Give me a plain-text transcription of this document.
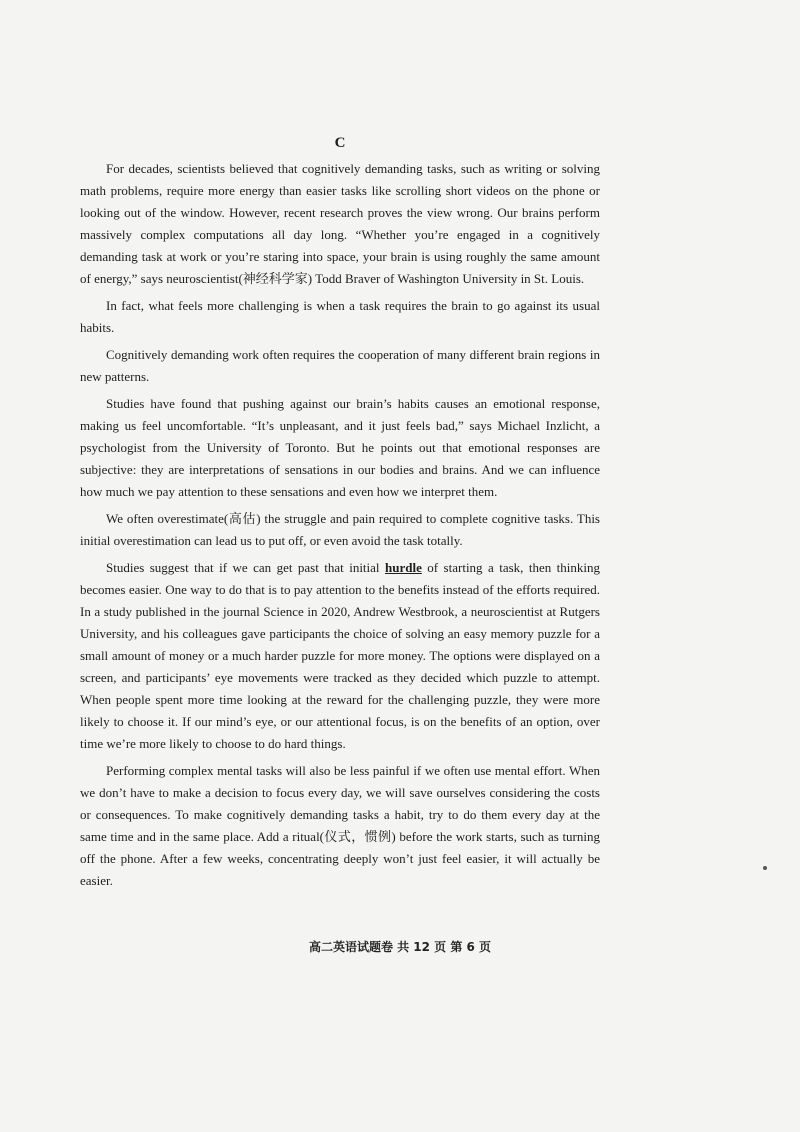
C

For decades, scientists believed that cognitively demanding tasks, such as writing or solving math problems, require more energy than easier tasks like scrolling short videos on the phone or looking out of the window. However, recent research proves the view wrong. Our brains perform massively complex computations all day long. “Whether you’re engaged in a cognitively demanding task at work or you’re staring into space, your brain is using roughly the same amount of energy,” says neuroscientist(神经科学家) Todd Braver of Washington University in St. Louis.

In fact, what feels more challenging is when a task requires the brain to go against its usual habits.

Cognitively demanding work often requires the cooperation of many different brain regions in new patterns.

Studies have found that pushing against our brain’s habits causes an emotional response, making us feel uncomfortable. “It’s unpleasant, and it just feels bad,” says Michael Inzlicht, a psychologist from the University of Toronto. But he points out that emotional responses are subjective: they are interpretations of sensations in our bodies and brains. And we can influence how much we pay attention to these sensations and even how we interpret them.

We often overestimate(高估) the struggle and pain required to complete cognitive tasks. This initial overestimation can lead us to put off, or even avoid the task totally.

Studies suggest that if we can get past that initial hurdle of starting a task, then thinking becomes easier. One way to do that is to pay attention to the benefits instead of the efforts required. In a study published in the journal Science in 2020, Andrew Westbrook, a neuroscientist at Rutgers University, and his colleagues gave participants the choice of solving an easy memory puzzle for a small amount of money or a much harder puzzle for more money. The options were displayed on a screen, and participants’ eye movements were tracked as they decided which puzzle to attempt. When people spent more time looking at the reward for the challenging puzzle, they were more likely to choose it. If our mind’s eye, or our attentional focus, is on the benefits of an option, over time we’re more likely to choose to do hard things.

Performing complex mental tasks will also be less painful if we often use mental effort. When we don’t have to make a decision to focus every day, we will save ourselves considering the costs or consequences. To make cognitively demanding tasks a habit, try to do them every day at the same time and in the same place. Add a ritual(仪式，惯例) before the work starts, such as turning off the phone. After a few weeks, concentrating deeply won’t just feel easier, it will actually be easier.

高二英语试题卷 共 12 页 第 6 页
